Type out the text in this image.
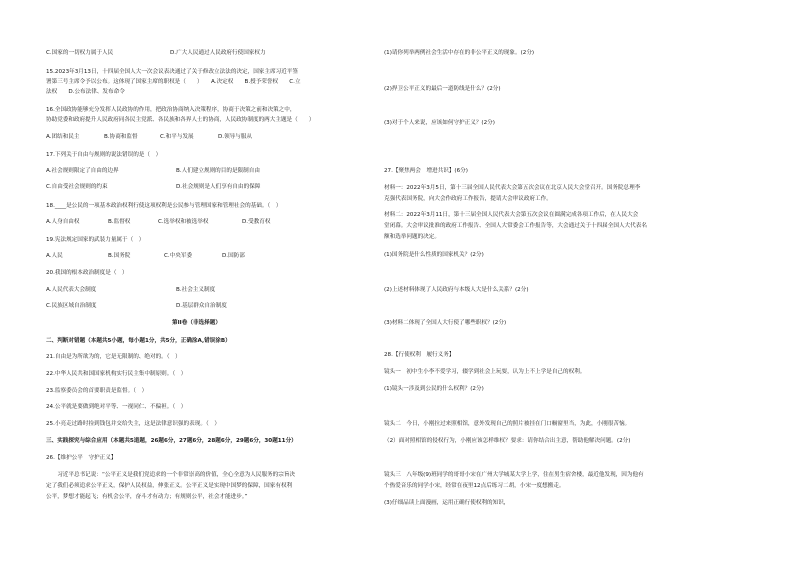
C.国家的一切权力属于人民	D.广大人民通过人民政府行使国家权力
15.2023年3月13日，十四届全国人大一次会议表决通过了关于修改立法法的决定，国家主席习近平签
署第三号主席令予以公布。这体现了国家主席的职权是（　　）　　A.决定权　　B.授予荣誉权　　C.立
法权　　D.公布法律、发布命令
16.全国政协能够充分发挥人民政协的作用，把政治协商纳入决策程序，协商于决策之前和决策之中，
协助党委和政府提升人民政府同各民主党派、各民族和各界人士的协商，人民政协制度的两大主题是（　　）
A.团结和民主	B.协商和监督	C.和平与发展	D.领导与服从
17.下列关于自由与规则的说法错误的是（　）
A.社会规则限定了自由的边界	B.人们建立规则的目的是限制自由
C.自由受社会规则的约束	D.社会规则是人们享有自由的保障
18.____是公民的一项基本政治权利行使这项权利是公民参与管理国家和管理社会的基础。（　）
A.人身自由权	B.监督权	C.选举权和被选举权	D.受教育权
19.宪法规定国家的武装力量属于（　）
A.人民	B.国务院	C.中央军委	D.国防部
20.我国的根本政治制度是（　）
A.人民代表大会制度	B.社会主义制度
C.民族区域自治制度	D.基层群众自治制度
第II卷（非选择题）
二、判断对错题（本题共5小题，每小题1分，共5分，正确涂A,错误涂B）
21.自由是为所欲为的，它是无限制的、绝对的。（　）
22.中华人民共和国国家机构实行民主集中制原则。（　）
23.监察委员会的首要职责是监督。（　）
24.公平就是要做到绝对平等、一视同仁、不偏袒。（　）
25.小亮走过路时捡到钱包并交给失主，这是法律意识强的表现。（　）
三、实践探究与综合应用（本题共5道题，26题6分，27题6分，28题6分，29题6分，30题11分）
26.【维护公平　守护正义】
　　习近平总书记说：“公平正义是我们党追求的一个非常崇高的价值，全心全意为人民服务的宗旨决
定了我们必须追求公平正义，保护人民权益，伸张正义。公平正义是实现中国梦的保障，国家有权利
公平，梦想才能起飞；有机会公平，奋斗才有动力；有规则公平，社会才能进步。”
(1)请你列举两例社会生活中存在的非公平正义的现象。(2分)
(2)捍卫公平正义的最后一道防线是什么？(2分)
(3)对于个人来说，应该如何守护正义？(2分)
27.【聚焦两会　增进共识】(6分)
材料一：2022年3月5日，第十三届全国人民代表大会第五次会议在北京人民大会堂召开。国务院总理李
克强代表国务院，向大会作政府工作报告，提请大会审议政府工作。
材料二：2022年3月11日，第十三届全国人民代表大会第五次会议在圆满完成各项工作后，在人民大会
堂闭幕。大会审议批准的政府工作报告、全国人大常委会工作报告等，大会通过关于十四届全国人大代表名
额和选举问题的决定。
(1)国务院是什么性质的国家机关？(2分)
(2)上述材料体现了人民政府与本级人大是什么关系？(2分)
(3)材料二体现了全国人大行使了哪些职权？(2分)
28.【行使权利　履行义务】
镜头一　初中生小李不爱学习，辍学到社会上玩耍，认为上不上学是自己的权利。
(1)镜头一涉及到公民的什么权利？(2分)
镜头二　今日，小刚拉过来照相馆，意外发现自己的照片被挂在门口橱窗里当，为此，小刚很苦恼。
（2）面对照相馆的侵权行为，小刚应该怎样维权？要求：请你结合出主意，帮助他解决问题。(2分)
镜头三　八年级(9)班同学的哥哥小宋在广州大学城某大学上学，住在男生宿舍楼，最近他发现，因为他有
个热爱音乐的同学小宋，经常在夜里12点后练习二胡，小宋一度想搬走。
(3)仔细品读上面漫画，运用正确行使权利的知识，
